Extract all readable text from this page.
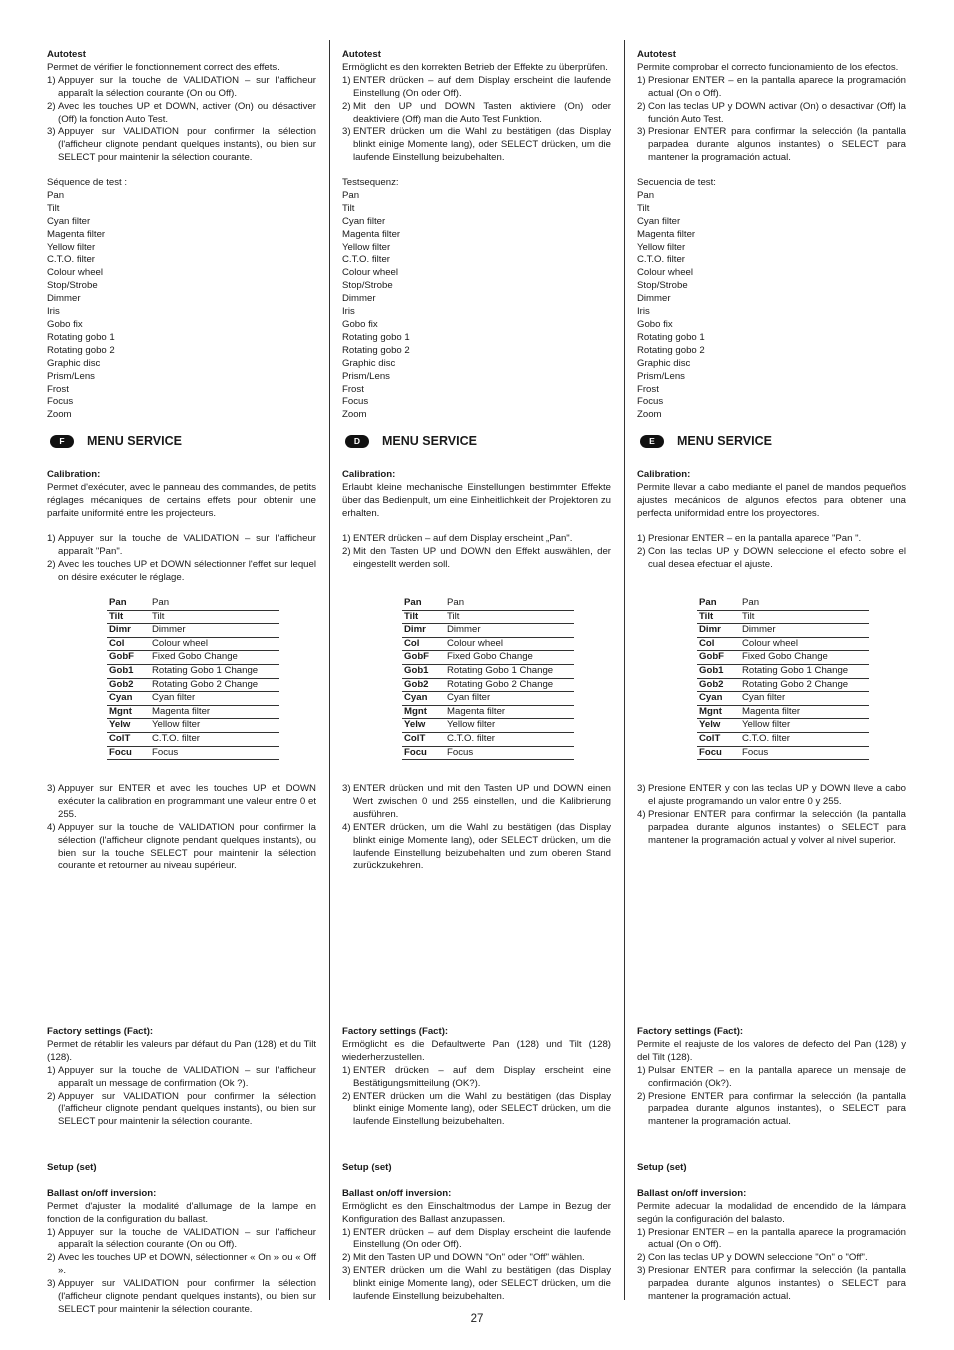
Autotest
Permet de vérifier le fonctionnement correct des effets.
1) Appuyer sur la touche de VALIDATION – sur l'afficheur apparaît la sélection courante (On ou Off).
2) Avec les touches UP et DOWN, activer (On) ou désactiver (Off) la fonction Auto Test.
3) Appuyer sur VALIDATION pour confirmer la sélection (l'afficheur clignote pendant quelques instants), ou bien sur SELECT pour maintenir la sélection courante.
Séquence de test :
Pan
Tilt
Cyan filter
Magenta filter
Yellow filter
C.T.O. filter
Colour wheel
Stop/Strobe
Dimmer
Iris
Gobo fix
Rotating gobo 1
Rotating gobo 2
Graphic disc
Prism/Lens
Frost
Focus
Zoom
F	MENU SERVICE
Calibration:
Permet d'exécuter, avec le panneau des commandes, de petits réglages mécaniques de certains effets pour obtenir une parfaite uniformité entre les projecteurs.
1) Appuyer sur la touche de VALIDATION – sur l'afficheur apparaît "Pan".
2) Avec les touches UP et DOWN sélectionner l'effet sur lequel on désire exécuter le réglage.
Pan	Pan
Tilt	Tilt
Dimr	Dimmer
Col	Colour wheel
GobF	Fixed Gobo Change
Gob1	Rotating Gobo 1 Change
Gob2	Rotating Gobo 2 Change
Cyan	Cyan filter
Mgnt	Magenta filter
Yelw	Yellow filter
ColT	C.T.O. filter
Focu	Focus
3) Appuyer sur ENTER et avec les touches UP et DOWN exécuter la calibration en programmant une valeur entre 0 et 255.
4) Appuyer sur la touche de VALIDATION pour confirmer la sélection (l'afficheur clignote pendant quelques instants), ou bien sur la touche SELECT pour maintenir la sélection courante et retourner au niveau supérieur.
Factory settings (Fact):
Permet de rétablir les valeurs par défaut du Pan (128) et du Tilt (128).
1) Appuyer sur la touche de VALIDATION – sur l'afficheur apparaît un message de confirmation (Ok ?).
2) Appuyer sur VALIDATION pour confirmer la sélection (l'afficheur clignote pendant quelques instants), ou bien sur SELECT pour maintenir la sélection courante.
Setup (set)
Ballast on/off inversion:
Permet d'ajuster la modalité d'allumage de la lampe en fonction de la configuration du ballast.
1) Appuyer sur la touche de VALIDATION – sur l'afficheur apparaît la sélection courante (On ou Off).
2) Avec les touches UP et DOWN, sélectionner « On » ou « Off ».
3) Appuyer sur VALIDATION pour confirmer la sélection (l'afficheur clignote pendant quelques instants), ou bien sur SELECT pour maintenir la sélection courante.
Autotest
Ermöglicht es den korrekten Betrieb der Effekte zu überprüfen.
1) ENTER drücken – auf dem Display erscheint die laufende Einstellung (On oder Off).
2) Mit den UP und DOWN Tasten aktiviere (On) oder deaktiviere (Off) man die Auto Test Funktion.
3) ENTER drücken um die Wahl zu bestätigen (das Display blinkt einige Momente lang), oder SELECT drücken, um die laufende Einstellung beizubehalten.
Testsequenz:
Pan
Tilt
Cyan filter
Magenta filter
Yellow filter
C.T.O. filter
Colour wheel
Stop/Strobe
Dimmer
Iris
Gobo fix
Rotating gobo 1
Rotating gobo 2
Graphic disc
Prism/Lens
Frost
Focus
Zoom
D	MENU SERVICE
Calibration:
Erlaubt kleine mechanische Einstellungen bestimmter Effekte über das Bedienpult, um eine Einheitlichkeit der Projektoren zu erhalten.
1) ENTER drücken – auf dem Display erscheint „Pan".
2) Mit den Tasten UP und DOWN den Effekt auswählen, der eingestellt werden soll.
Pan	Pan
Tilt	Tilt
Dimr	Dimmer
Col	Colour wheel
GobF	Fixed Gobo Change
Gob1	Rotating Gobo 1 Change
Gob2	Rotating Gobo 2 Change
Cyan	Cyan filter
Mgnt	Magenta filter
Yelw	Yellow filter
ColT	C.T.O. filter
Focu	Focus
3) ENTER drücken und mit den Tasten UP und DOWN einen Wert zwischen 0 und 255 einstellen, und die Kalibrierung ausführen.
4) ENTER drücken, um die Wahl zu bestätigen (das Display blinkt einige Momente lang), oder SELECT drücken, um die laufende Einstellung beizubehalten und zum oberen Stand zurückzukehren.
Factory settings (Fact):
Ermöglicht es die Defaultwerte Pan (128) und Tilt (128) wiederherzustellen.
1) ENTER drücken – auf dem Display erscheint eine Bestätigungsmitteilung (OK?).
2) ENTER drücken um die Wahl zu bestätigen (das Display blinkt einige Momente lang), oder SELECT drücken, um die laufende Einstellung beizubehalten.
Setup (set)
Ballast on/off inversion:
Ermöglicht es den Einschaltmodus der Lampe in Bezug der Konfiguration des Ballast anzupassen.
1) ENTER drücken – auf dem Display erscheint die laufende Einstellung (On oder Off).
2) Mit den Tasten UP und DOWN "On" oder "Off" wählen.
3) ENTER drücken um die Wahl zu bestätigen (das Display blinkt einige Momente lang), oder SELECT drücken, um die laufende Einstellung beizubehalten.
Autotest
Permite comprobar el correcto funcionamiento de los efectos.
1) Presionar ENTER – en la pantalla aparece la programación actual (On o Off).
2) Con las teclas UP y DOWN activar (On) o desactivar (Off) la función Auto Test.
3) Presionar ENTER para confirmar la selección (la pantalla parpadea durante algunos instantes) o SELECT para mantener la programación actual.
Secuencia de test:
Pan
Tilt
Cyan filter
Magenta filter
Yellow filter
C.T.O. filter
Colour wheel
Stop/Strobe
Dimmer
Iris
Gobo fix
Rotating gobo 1
Rotating gobo 2
Graphic disc
Prism/Lens
Frost
Focus
Zoom
E	MENU SERVICE
Calibration:
Permite llevar a cabo mediante el panel de mandos pequeños ajustes mecánicos de algunos efectos para obtener una perfecta uniformidad entre los proyectores.
1) Presionar ENTER – en la pantalla aparece "Pan ".
2) Con las teclas UP y DOWN seleccione el efecto sobre el cual desea efectuar el ajuste.
Pan	Pan
Tilt	Tilt
Dimr	Dimmer
Col	Colour wheel
GobF	Fixed Gobo Change
Gob1	Rotating Gobo 1 Change
Gob2	Rotating Gobo 2 Change
Cyan	Cyan filter
Mgnt	Magenta filter
Yelw	Yellow filter
ColT	C.T.O. filter
Focu	Focus
3) Presione ENTER y con las teclas UP y DOWN lleve a cabo el ajuste programando un valor entre 0 y 255.
4) Presionar ENTER para confirmar la selección (la pantalla parpadea durante algunos instantes) o SELECT para mantener la programación actual y volver al nivel superior.
Factory settings (Fact):
Permite el reajuste de los valores de defecto del Pan (128) y del Tilt (128).
1) Pulsar ENTER – en la pantalla aparece un mensaje de confirmación (Ok?).
2) Presione ENTER para confirmar la selección (la pantalla parpadea durante algunos instantes), o SELECT para mantener la programación actual.
Setup (set)
Ballast on/off inversion:
Permite adecuar la modalidad de encendido de la lámpara según la configuración del balasto.
1) Presionar ENTER – en la pantalla aparece la programación actual (On o Off).
2) Con las teclas UP y DOWN seleccione "On" o "Off".
3) Presionar ENTER para confirmar la selección (la pantalla parpadea durante algunos instantes) o SELECT para mantener la programación actual.
27
